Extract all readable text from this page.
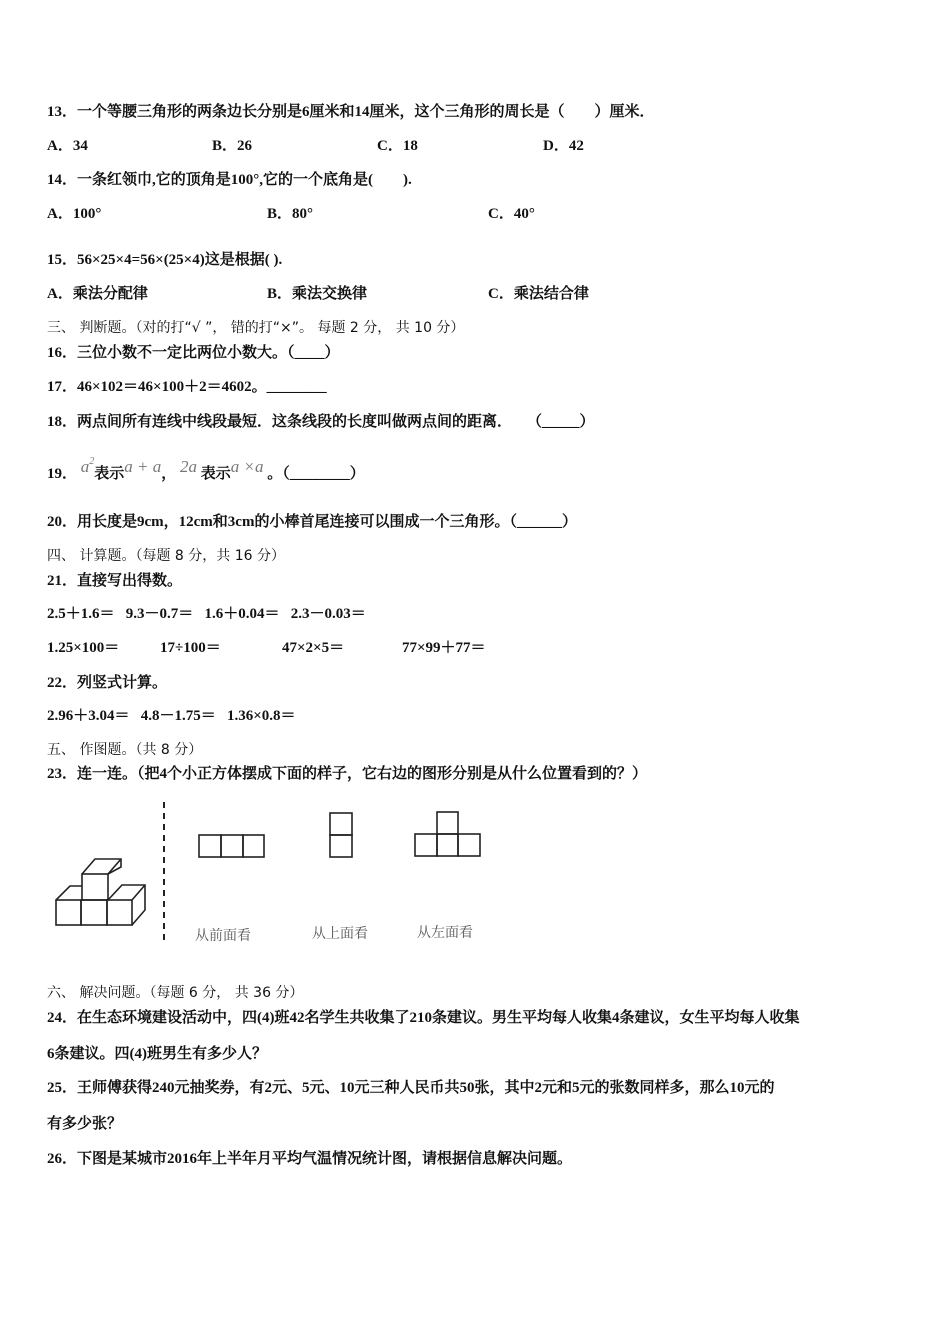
13．一个等腰三角形的两条边长分别是6厘米和14厘米，这个三角形的周长是（　　）厘米．
A．34	B．26	C．18	D．42
14．一条红领巾,它的顶角是100°,它的一个底角是(　　).
A．100°	B．80°	C．40°
15．56×25×4=56×(25×4)这是根据( ).
A．乘法分配律	B．乘法交换律	C．乘法结合律
三、 判断题。（对的打“√ ”， 错的打“×”。 每题 2 分， 共 10 分）
16．三位小数不一定比两位小数大。（____）
17．46×102＝46×100＋2＝4602。________
18．两点间所有连线中线段最短．这条线段的长度叫做两点间的距离．　　（_____）
19． $a^2$表示a + a， 2a 表示a ×a 。（________）
20．用长度是9cm，12cm和3cm的小棒首尾连接可以围成一个三角形。（______）
四、 计算题。（每题 8 分，共 16 分）
21．直接写出得数。
2.5＋1.6＝   9.3－0.7＝   1.6＋0.04＝   2.3－0.03＝
1.25×100＝	17÷100＝	47×2×5＝	77×99＋77＝
22．列竖式计算。
2.96＋3.04＝   4.8－1.75＝   1.36×0.8＝
五、 作图题。（共 8 分）
23．连一连。（把4个小正方体摆成下面的样子，它右边的图形分别是从什么位置看到的？）
从前面看	从上面看	从左面看
六、 解决问题。（每题 6 分， 共 36 分）
24．在生态环境建设活动中，四(4)班42名学生共收集了210条建议。男生平均每人收集4条建议，女生平均每人收集
6条建议。四(4)班男生有多少人？
25．王师傅获得240元抽奖券，有2元、5元、10元三种人民币共50张，其中2元和5元的张数同样多，那么10元的
有多少张？
26．下图是某城市2016年上半年月平均气温情况统计图，请根据信息解决问题。
